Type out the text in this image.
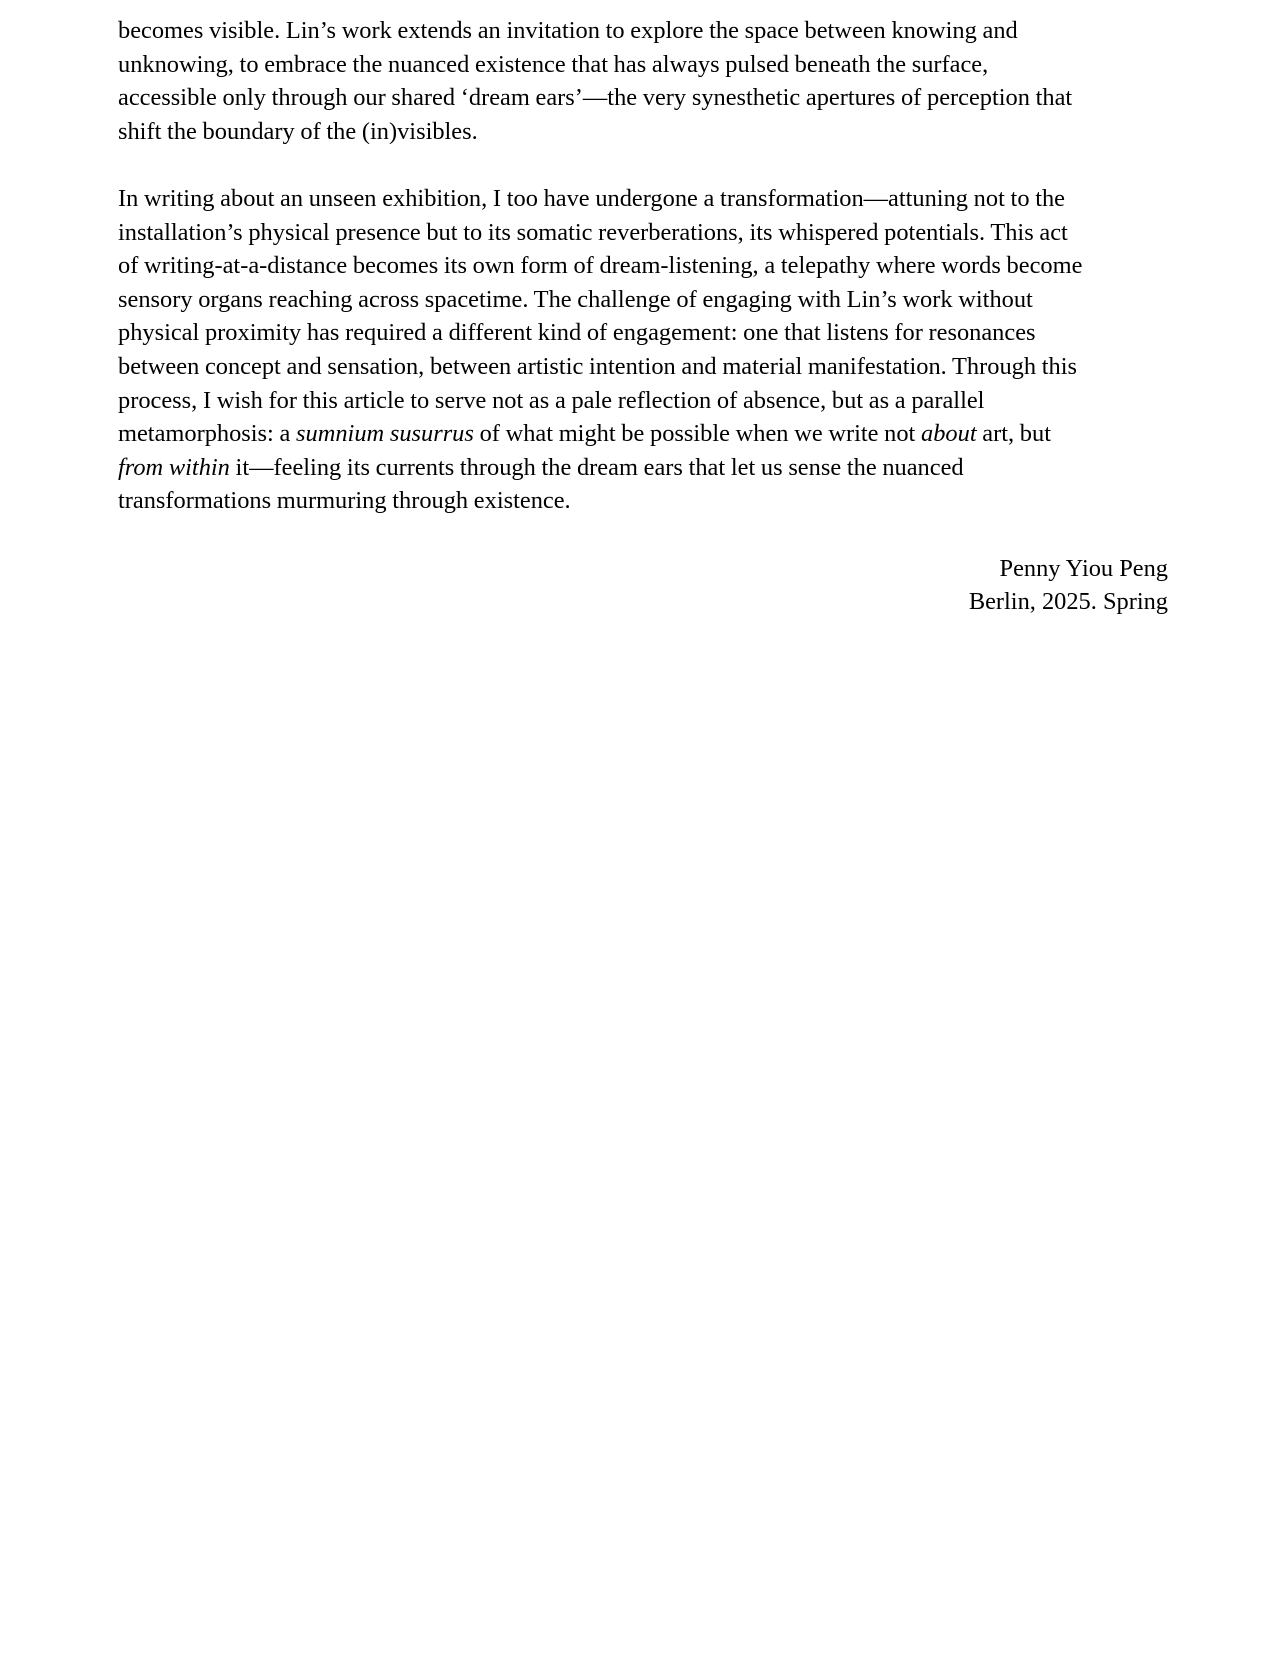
becomes visible. Lin’s work extends an invitation to explore the space between knowing and
unknowing, to embrace the nuanced existence that has always pulsed beneath the surface,
accessible only through our shared ‘dream ears’—the very synesthetic apertures of perception that
shift the boundary of the (in)visibles.

In writing about an unseen exhibition, I too have undergone a transformation—attuning not to the
installation’s physical presence but to its somatic reverberations, its whispered potentials. This act
of writing-at-a-distance becomes its own form of dream-listening, a telepathy where words become
sensory organs reaching across spacetime. The challenge of engaging with Lin’s work without
physical proximity has required a different kind of engagement: one that listens for resonances
between concept and sensation, between artistic intention and material manifestation. Through this
process, I wish for this article to serve not as a pale reflection of absence, but as a parallel
metamorphosis: a sumnium susurrus of what might be possible when we write not about art, but
from within it—feeling its currents through the dream ears that let us sense the nuanced
transformations murmuring through existence.

Penny Yiou Peng
Berlin, 2025. Spring
